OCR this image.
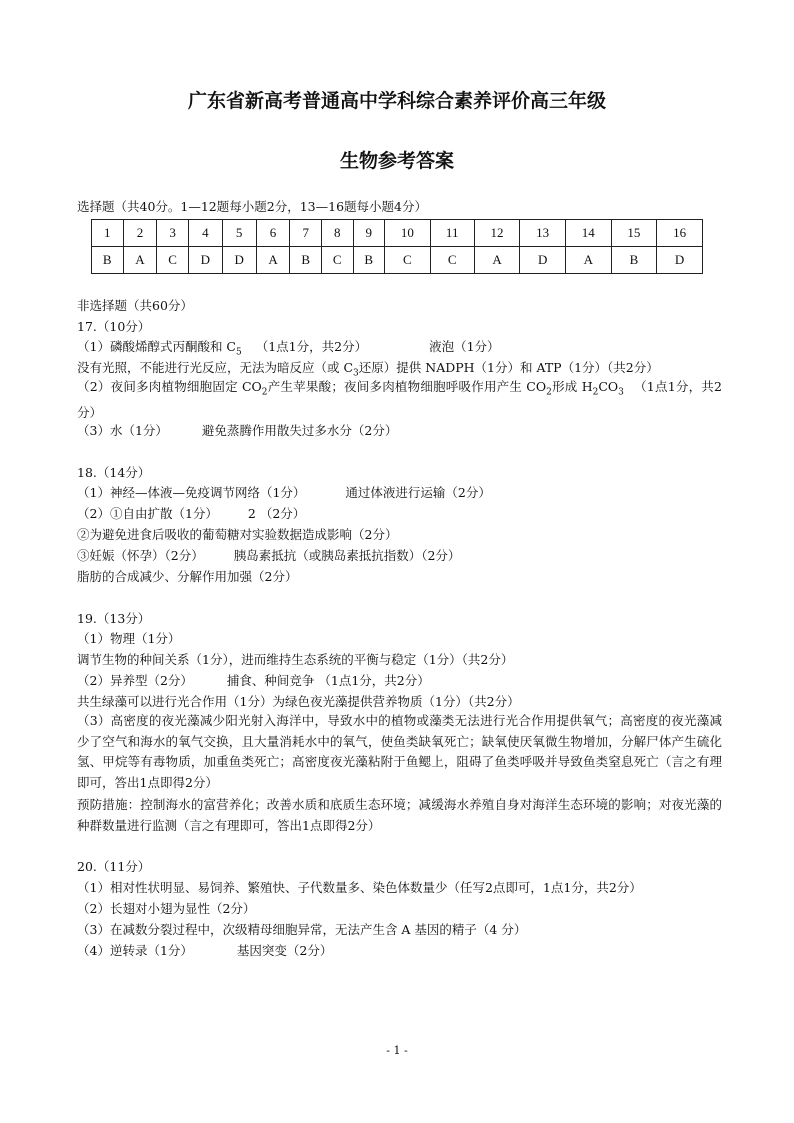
广东省新高考普通高中学科综合素养评价高三年级
生物参考答案
选择题（共40分。1—12题每小题2分，13—16题每小题4分）
1	2	3	4	5	6	7	8	9	10	11	12	13	14	15	16
B	A	C	D	D	A	B	C	B	C	C	A	D	A	B	D
非选择题（共60分）
17.（10分）
（1）磷酸烯醇式丙酮酸和 $C_5$ （1点1分，共2分）	液泡（1分）
没有光照，不能进行光反应，无法为暗反应（或 $C_3$还原）提供 NADPH（1分）和 ATP（1分）（共2分）
（2）夜间多肉植物细胞固定 $CO_2$产生苹果酸；夜间多肉植物细胞呼吸作用产生 $CO_2$形成 $H_2CO_3$ （1点1分，共2分）
（3）水（1分）	避免蒸腾作用散失过多水分（2分）
18.（14分）
（1）神经—体液—免疫调节网络（1分）	通过体液进行运输（2分）
（2）①自由扩散（1分） 2 （2分）
②为避免进食后吸收的葡萄糖对实验数据造成影响（2分）
③妊娠（怀孕）（2分） 胰岛素抵抗（或胰岛素抵抗指数）（2分）
脂肪的合成减少、分解作用加强（2分）
19.（13分）
（1）物理（1分）
调节生物的种间关系（1分），进而维持生态系统的平衡与稳定（1分）（共2分）
（2）异养型（2分）	捕食、种间竞争 （1点1分，共2分）
共生绿藻可以进行光合作用（1分）为绿色夜光藻提供营养物质（1分）（共2分）
（3）高密度的夜光藻减少阳光射入海洋中，导致水中的植物或藻类无法进行光合作用提供氧气；高密度的夜光藻减少了空气和海水的氧气交换，且大量消耗水中的氧气，使鱼类缺氧死亡；缺氧使厌氧微生物增加，分解尸体产生硫化氢、甲烷等有毒物质，加重鱼类死亡；高密度夜光藻粘附于鱼鳃上，阻碍了鱼类呼吸并导致鱼类窒息死亡（言之有理即可，答出1点即得2分）
预防措施：控制海水的富营养化；改善水质和底质生态环境；减缓海水养殖自身对海洋生态环境的影响；对夜光藻的种群数量进行监测（言之有理即可，答出1点即得2分）
20.（11分）
（1）相对性状明显、易饲养、繁殖快、子代数量多、染色体数量少（任写2点即可，1点1分，共2分）
（2）长翅对小翅为显性（2分）
（3）在减数分裂过程中，次级精母细胞异常，无法产生含 A 基因的精子（4 分）
（4）逆转录（1分）	基因突变（2分）
- 1 -
